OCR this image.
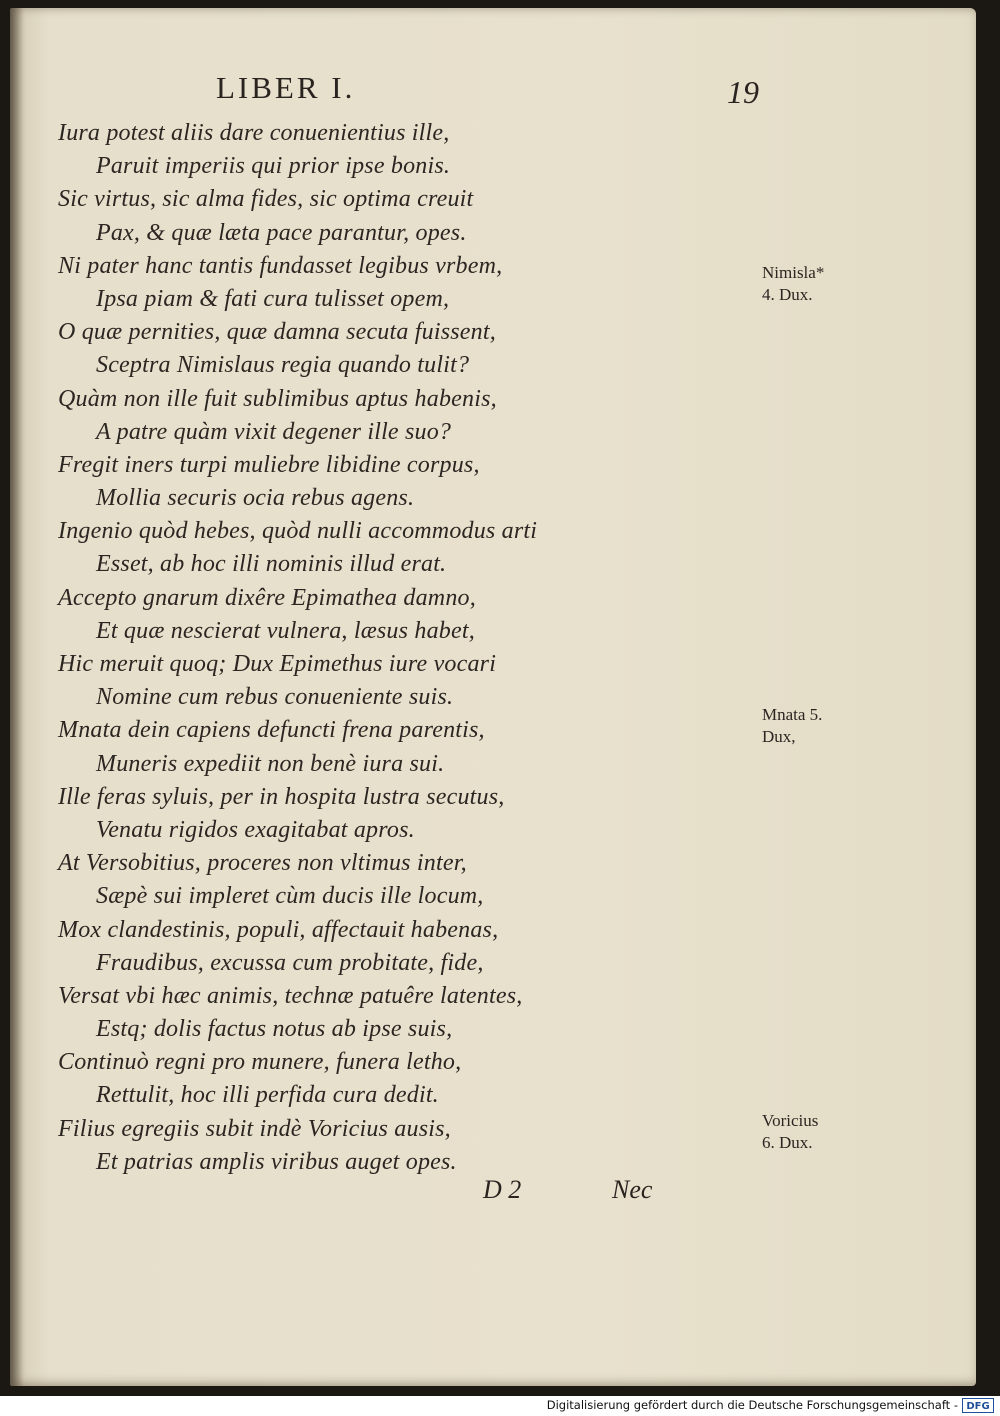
LIBER I.	19
Iura potest aliis dare conuenientius ille,
Paruit imperiis qui prior ipse bonis.
Sic virtus, sic alma fides, sic optima creuit
Pax, & quæ læta pace parantur, opes.
Ni pater hanc tantis fundasset legibus vrbem,
Ipsa piam & fati cura tulisset opem,
O quæ pernities, quæ damna secuta fuissent,
Sceptra Nimislaus regia quando tulit?
Quàm non ille fuit sublimibus aptus habenis,
A patre quàm vixit degener ille suo?
Fregit iners turpi muliebre libidine corpus,
Mollia securis ocia rebus agens.
Ingenio quòd hebes, quòd nulli accommodus arti
Esset, ab hoc illi nominis illud erat.
Accepto gnarum dixêre Epimathea damno,
Et quæ nescierat vulnera, læsus habet,
Hic meruit quoq; Dux Epimethus iure vocari
Nomine cum rebus conueniente suis.
Mnata dein capiens defuncti frena parentis,
Muneris expediit non benè iura sui.
Ille feras syluis, per in hospita lustra secutus,
Venatu rigidos exagitabat apros.
At Versobitius, proceres non vltimus inter,
Sæpè sui impleret cùm ducis ille locum,
Mox clandestinis, populi, affectauit habenas,
Fraudibus, excussa cum probitate, fide,
Versat vbi hæc animis, technæ patuêre latentes,
Estq; dolis factus notus ab ipse suis,
Continuò regni pro munere, funera letho,
Rettulit, hoc illi perfida cura dedit.
Filius egregiis subit indè Voricius ausis,
Et patrias amplis viribus auget opes.
Nimisla*
4. Dux.
Mnata 5.
Dux,
Voricius
6. Dux.
D 2	Nec
Digitalisierung gefördert durch die Deutsche Forschungsgemeinschaft - DFG
